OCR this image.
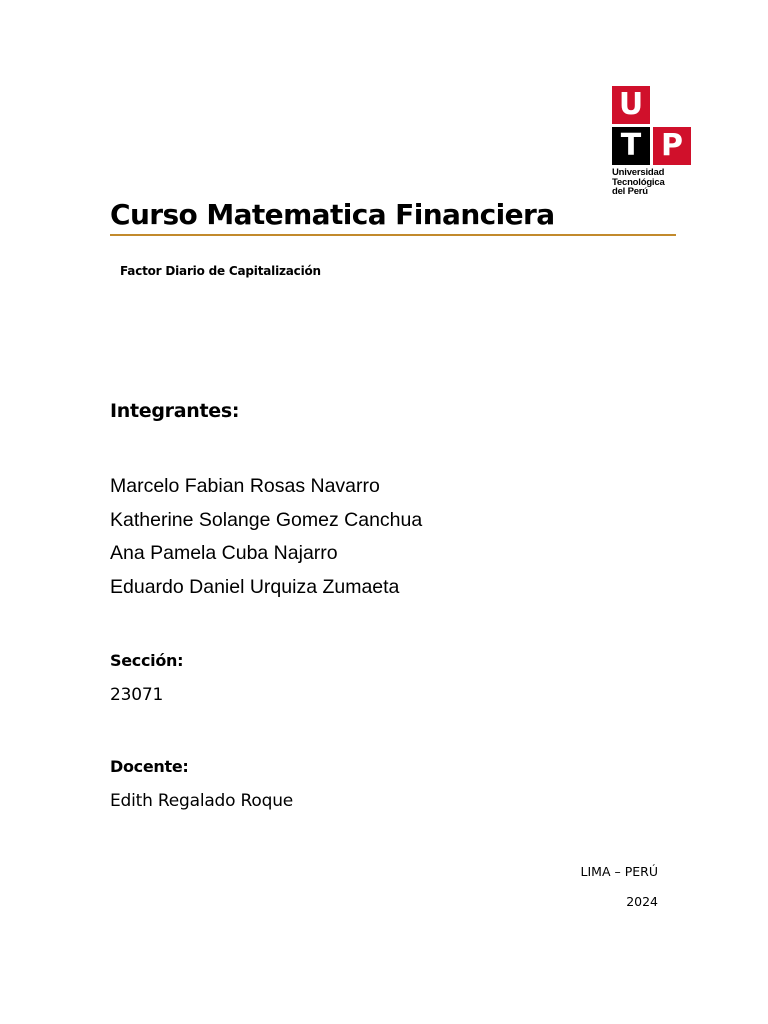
U
T P
Universidad
Tecnológica
del Perú
Curso Matematica Financiera
Factor Diario de Capitalización
Integrantes:
Marcelo Fabian Rosas Navarro
Katherine Solange Gomez Canchua
Ana Pamela Cuba Najarro
Eduardo Daniel Urquiza Zumaeta
Sección:
23071
Docente:
Edith Regalado Roque
LIMA – PERÚ
2024
